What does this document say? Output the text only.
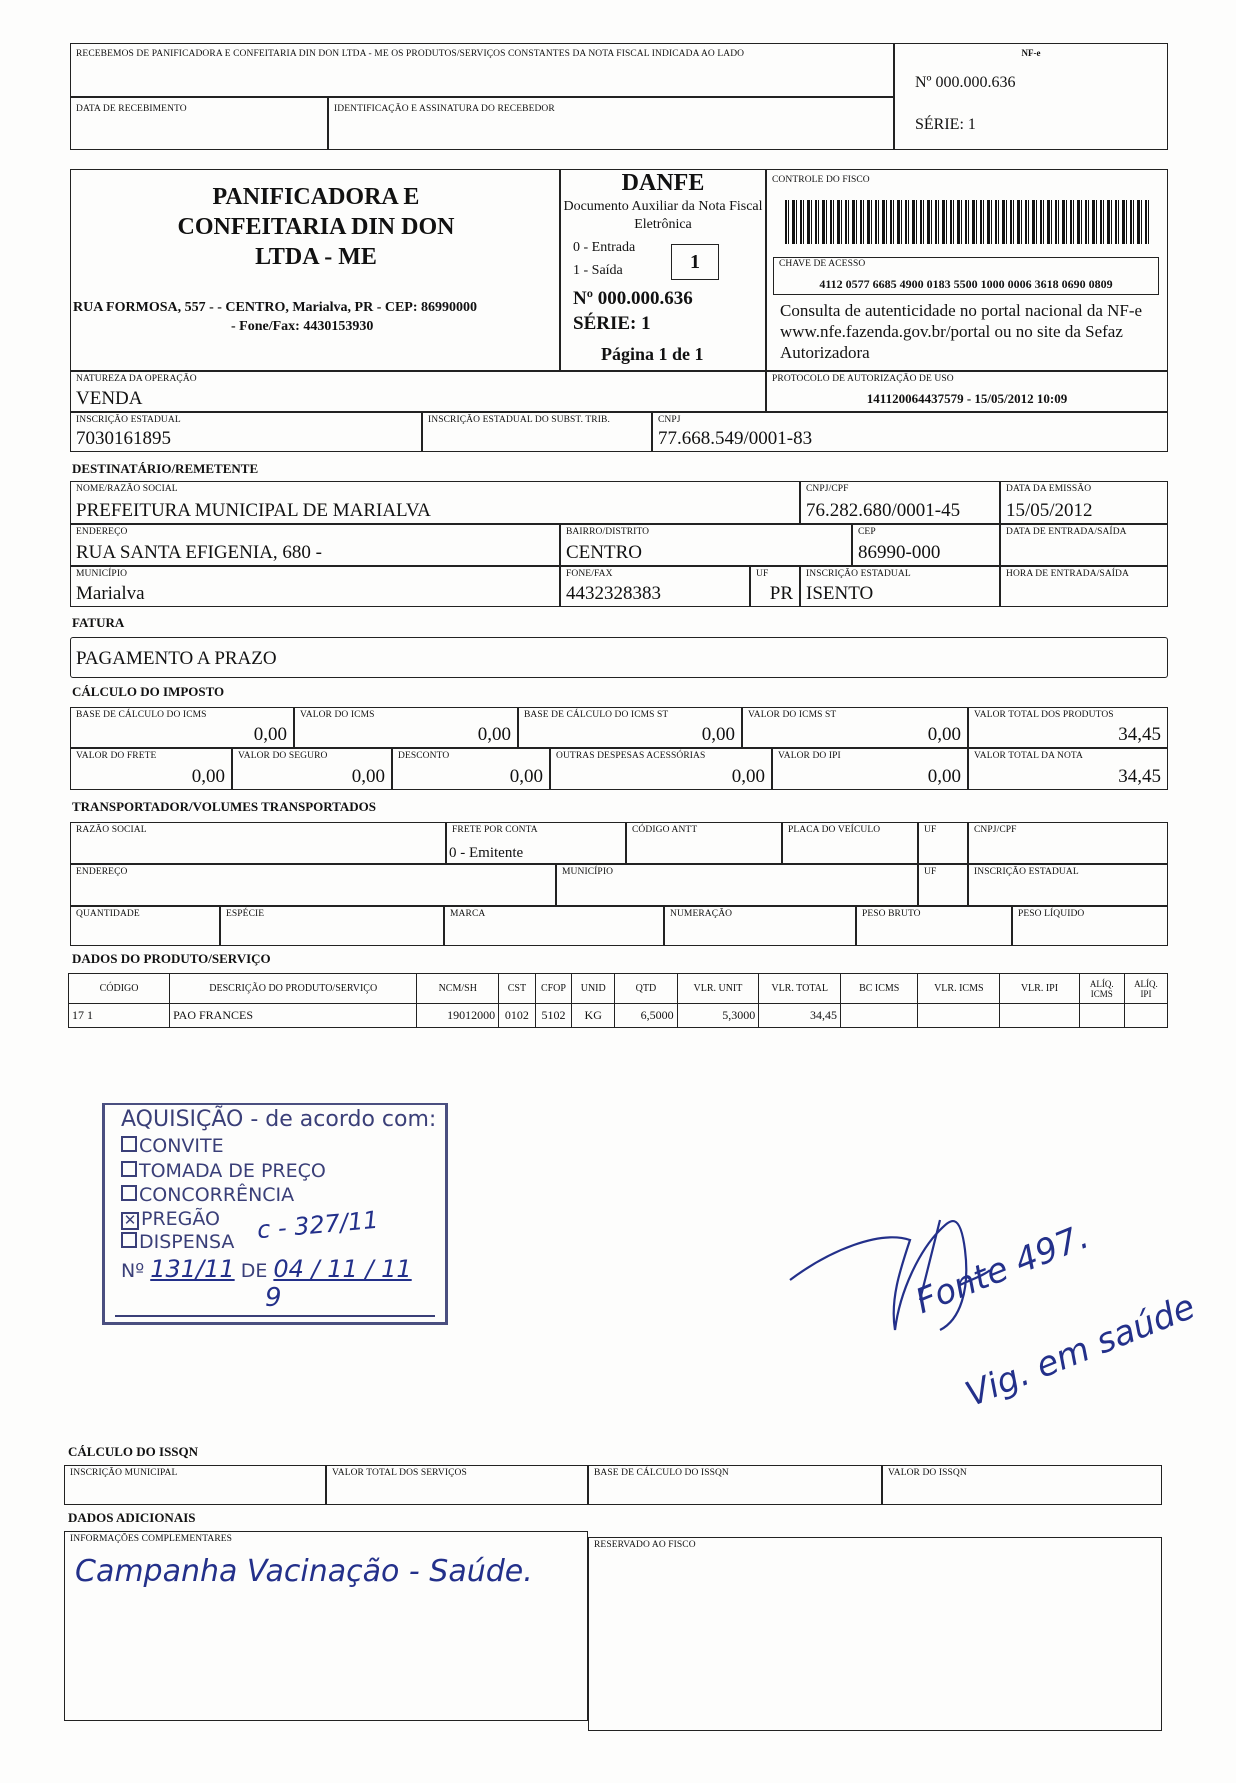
RECEBEMOS DE PANIFICADORA E CONFEITARIA DIN DON LTDA - ME OS PRODUTOS/SERVIÇOS CONSTANTES DA NOTA FISCAL INDICADA AO LADO
DATA DE RECEBIMENTO	IDENTIFICAÇÃO E ASSINATURA DO RECEBEDOR
NF-e
Nº 000.000.636
SÉRIE: 1
PANIFICADORA E CONFEITARIA DIN DON LTDA - ME
RUA FORMOSA, 557 - - CENTRO, Marialva, PR - CEP: 86990000
- Fone/Fax: 4430153930
DANFE
Documento Auxiliar da Nota Fiscal Eletrônica
0 - Entrada
1 - Saída	1
Nº 000.000.636
SÉRIE: 1
Página 1 de 1
CONTROLE DO FISCO
CHAVE DE ACESSO
4112 0577 6685 4900 0183 5500 1000 0006 3618 0690 0809
Consulta de autenticidade no portal nacional da NF-e www.nfe.fazenda.gov.br/portal ou no site da Sefaz Autorizadora
NATUREZA DA OPERAÇÃO
VENDA
PROTOCOLO DE AUTORIZAÇÃO DE USO
141120064437579 - 15/05/2012 10:09
INSCRIÇÃO ESTADUAL
7030161895
INSCRIÇÃO ESTADUAL DO SUBST. TRIB.	CNPJ
77.668.549/0001-83
DESTINATÁRIO/REMETENTE
NOME/RAZÃO SOCIAL
PREFEITURA MUNICIPAL DE MARIALVA
CNPJ/CPF
76.282.680/0001-45
DATA DA EMISSÃO
15/05/2012
ENDEREÇO
RUA SANTA EFIGENIA, 680 -
BAIRRO/DISTRITO
CENTRO
CEP
86990-000
DATA DE ENTRADA/SAÍDA
MUNICÍPIO
Marialva
FONE/FAX
4432328383
UF
PR
INSCRIÇÃO ESTADUAL
ISENTO
HORA DE ENTRADA/SAÍDA
FATURA
PAGAMENTO A PRAZO
CÁLCULO DO IMPOSTO
BASE DE CÁLCULO DO ICMS
0,00
VALOR DO ICMS
0,00
BASE DE CÁLCULO DO ICMS ST
0,00
VALOR DO ICMS ST
0,00
VALOR TOTAL DOS PRODUTOS
34,45
VALOR DO FRETE
0,00
VALOR DO SEGURO
0,00
DESCONTO
0,00
OUTRAS DESPESAS ACESSÓRIAS
0,00
VALOR DO IPI
0,00
VALOR TOTAL DA NOTA
34,45
TRANSPORTADOR/VOLUMES TRANSPORTADOS
RAZÃO SOCIAL	FRETE POR CONTA
0 - Emitente
CÓDIGO ANTT	PLACA DO VEÍCULO	UF	CNPJ/CPF
ENDEREÇO	MUNICÍPIO	UF	INSCRIÇÃO ESTADUAL
QUANTIDADE	ESPÉCIE	MARCA	NUMERAÇÃO	PESO BRUTO	PESO LÍQUIDO
DADOS DO PRODUTO/SERVIÇO
CÓDIGO	DESCRIÇÃO DO PRODUTO/SERVIÇO	NCM/SH	CST	CFOP	UNID	QTD	VLR. UNIT	VLR. TOTAL	BC ICMS	VLR. ICMS	VLR. IPI	ALÍQ. ICMS	ALÍQ. IPI
17 1	PAO FRANCES	19012000	0102	5102	KG	6,5000	5,3000	34,45					
AQUISIÇÃO - de acordo com:
CONVITE
TOMADA DE PREÇO
CONCORRÊNCIA
✕ PREGÃO
DISPENSA c - 327/11
Nº 131/11 DE 04 / 11 / 11
9	Fonte 497.
Vig. em saúde
CÁLCULO DO ISSQN
INSCRIÇÃO MUNICIPAL	VALOR TOTAL DOS SERVIÇOS	BASE DE CÁLCULO DO ISSQN	VALOR DO ISSQN
DADOS ADICIONAIS
INFORMAÇÕES COMPLEMENTARES
Campanha Vacinação - Saúde.
RESERVADO AO FISCO
